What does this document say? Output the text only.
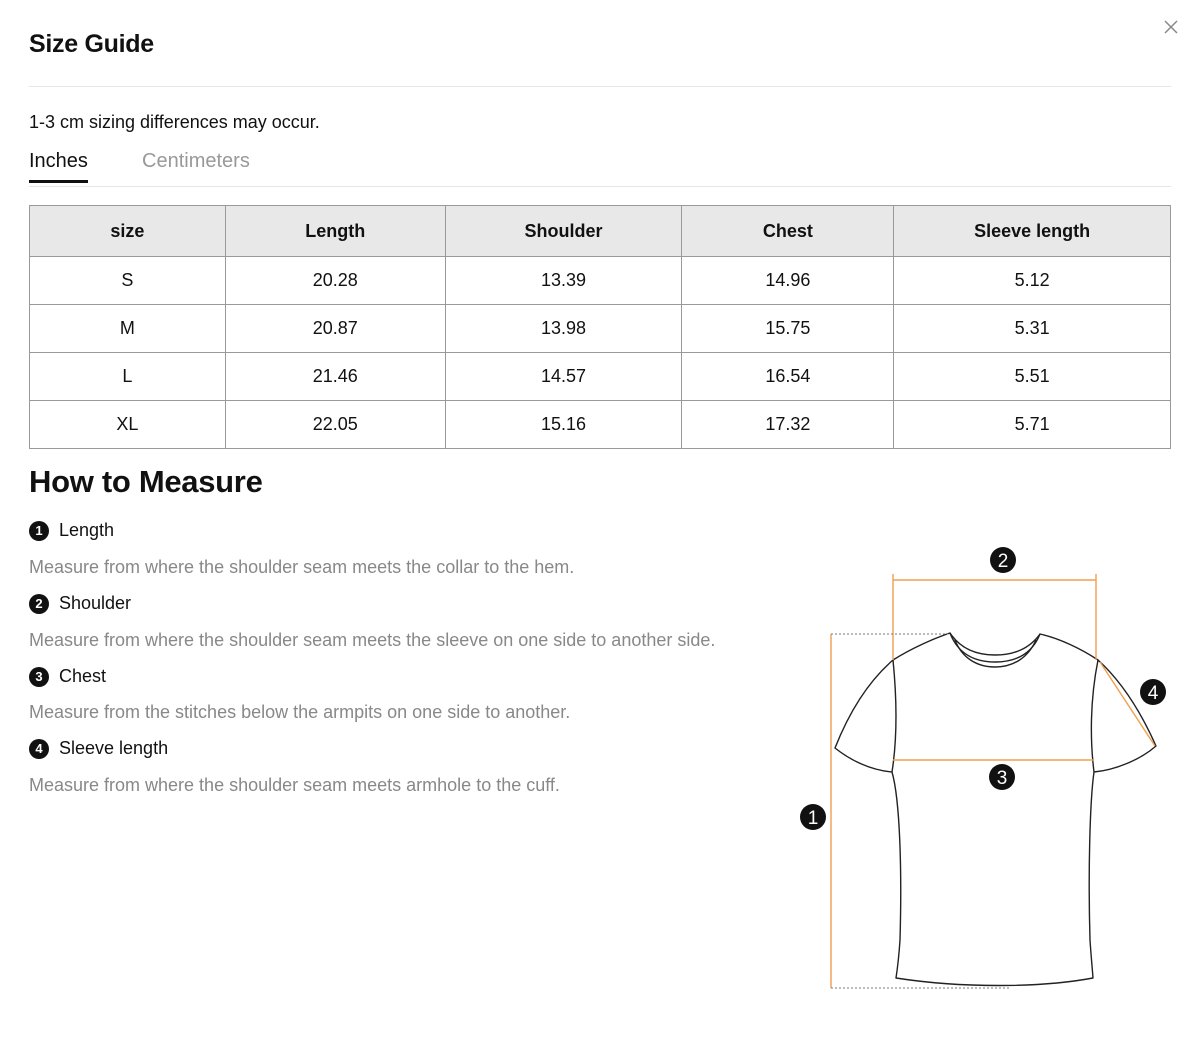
Size Guide
1-3 cm sizing differences may occur.
Inches	Centimeters
size	Length	Shoulder	Chest	Sleeve length
S	20.28	13.39	14.96	5.12
M	20.87	13.98	15.75	5.31
L	21.46	14.57	16.54	5.51
XL	22.05	15.16	17.32	5.71
How to Measure
1 Length
Measure from where the shoulder seam meets the collar to the hem.
2 Shoulder
Measure from where the shoulder seam meets the sleeve on one side to another side.
3 Chest
Measure from the stitches below the armpits on one side to another.
4 Sleeve length
Measure from where the shoulder seam meets armhole to the cuff.
2
3
4
1
